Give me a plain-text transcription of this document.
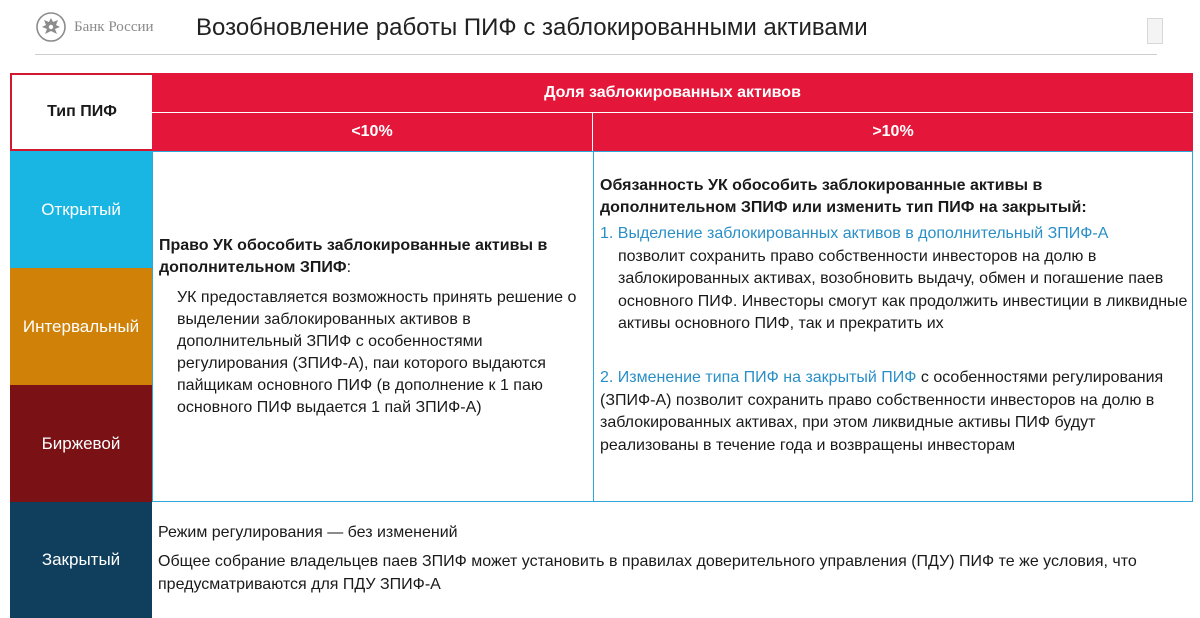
Банк России Возобновление работы ПИФ с заблокированными активами
Тип ПИФ
Доля заблокированных активов
<10%	>10%
Открытый
Интервальный
Биржевой
Закрытый
Право УК обособить заблокированные активы в дополнительном ЗПИФ:
УК предоставляется возможность принять решение о выделении заблокированных активов в дополнительный ЗПИФ с особенностями регулирования (ЗПИФ-А), паи которого выдаются пайщикам основного ПИФ (в дополнение к 1 паю основного ПИФ выдается 1 пай ЗПИФ-А)
Обязанность УК обособить заблокированные активы в дополнительном ЗПИФ или изменить тип ПИФ на закрытый:
1. Выделение заблокированных активов в дополнительный ЗПИФ-А
позволит сохранить право собственности инвесторов на долю в заблокированных активах, возобновить выдачу, обмен и погашение паев основного ПИФ. Инвесторы смогут как продолжить инвестиции в ликвидные активы основного ПИФ, так и прекратить их
2. Изменение типа ПИФ на закрытый ПИФ с особенностями регулирования (ЗПИФ-А) позволит сохранить право собственности инвесторов на долю в заблокированных активах, при этом ликвидные активы ПИФ будут реализованы в течение года и возвращены инвесторам
Режим регулирования — без изменений
Общее собрание владельцев паев ЗПИФ может установить в правилах доверительного управления (ПДУ) ПИФ те же условия, что предусматриваются для ПДУ ЗПИФ-А
